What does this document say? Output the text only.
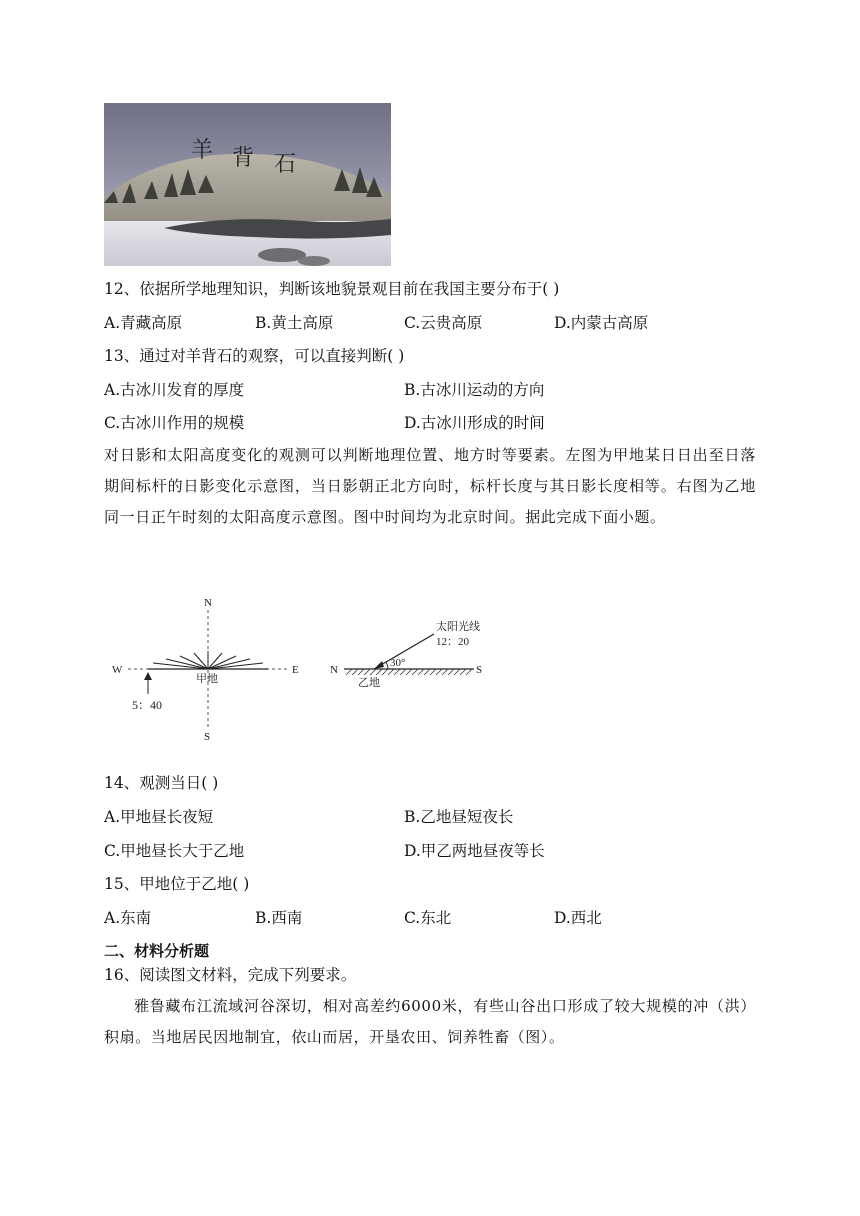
羊 背 石
12、依据所学地理知识，判断该地貌景观目前在我国主要分布于( )
A.青藏高原	B.黄土高原	C.云贵高原	D.内蒙古高原
13、通过对羊背石的观察，可以直接判断( )
A.古冰川发育的厚度	B.古冰川运动的方向
C.古冰川作用的规模	D.古冰川形成的时间
对日影和太阳高度变化的观测可以判断地理位置、地方时等要素。左图为甲地某日日出至日落期间标杆的日影变化示意图，当日影朝正北方向时，标杆长度与其日影长度相等。右图为乙地同一日正午时刻的太阳高度示意图。图中时间均为北京时间。据此完成下面小题。
N
S
W	E
甲地
5：40
N	S
太阳光线
12：20
30°
乙地
14、观测当日( )
A.甲地昼长夜短	B.乙地昼短夜长
C.甲地昼长大于乙地	D.甲乙两地昼夜等长
15、甲地位于乙地( )
A.东南	B.西南	C.东北	D.西北
二、材料分析题
16、阅读图文材料，完成下列要求。
雅鲁藏布江流域河谷深切，相对高差约6000米，有些山谷出口形成了较大规模的冲（洪）积扇。当地居民因地制宜，依山而居，开垦农田、饲养牲畜（图）。
